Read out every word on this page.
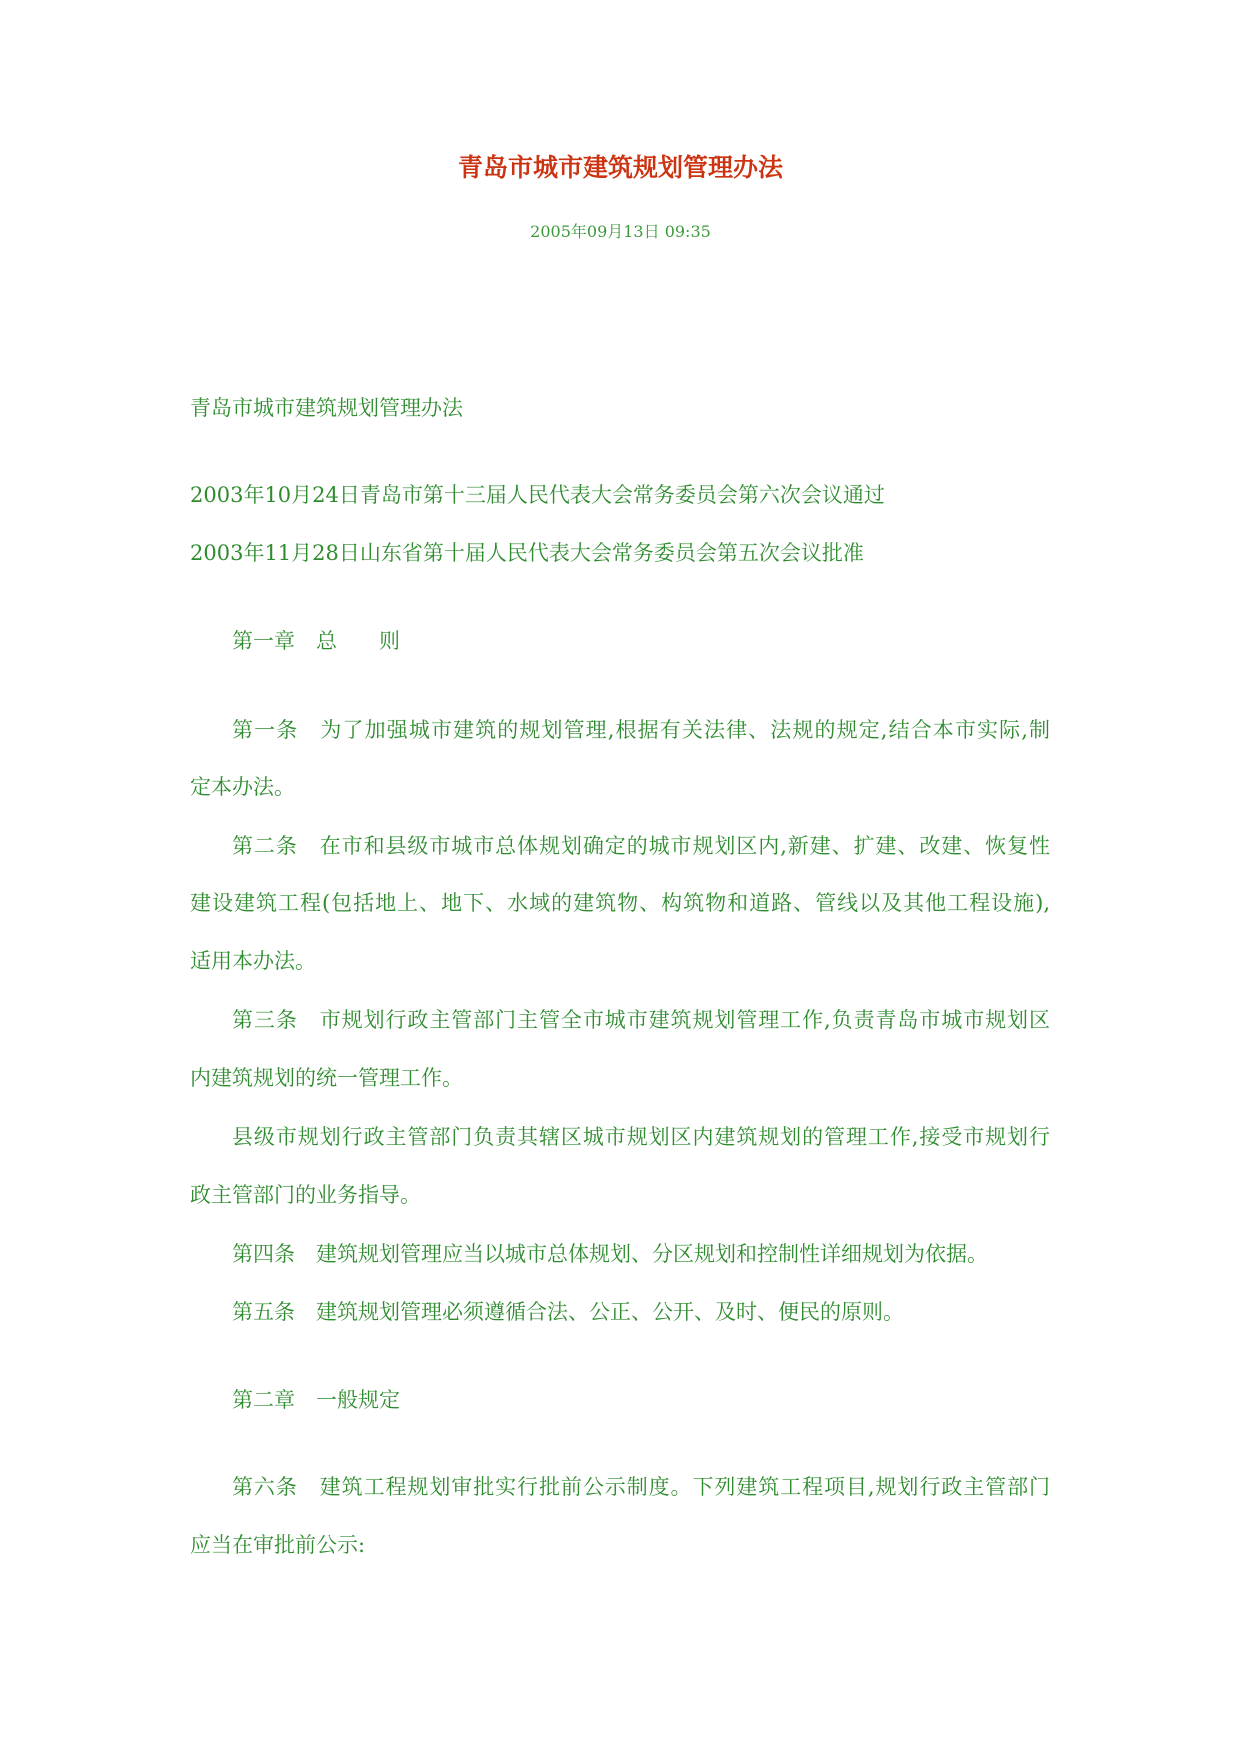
青岛市城市建筑规划管理办法
2005年09月13日 09:35
青岛市城市建筑规划管理办法
2003年10月24日青岛市第十三届人民代表大会常务委员会第六次会议通过
2003年11月28日山东省第十届人民代表大会常务委员会第五次会议批准
第一章　总　　则
第一条　为了加强城市建筑的规划管理,根据有关法律、法规的规定,结合本市实际,制
定本办法。
第二条　在市和县级市城市总体规划确定的城市规划区内,新建、扩建、改建、恢复性
建设建筑工程(包括地上、地下、水域的建筑物、构筑物和道路、管线以及其他工程设施),
适用本办法。
第三条　市规划行政主管部门主管全市城市建筑规划管理工作,负责青岛市城市规划区
内建筑规划的统一管理工作。
县级市规划行政主管部门负责其辖区城市规划区内建筑规划的管理工作,接受市规划行
政主管部门的业务指导。
第四条　建筑规划管理应当以城市总体规划、分区规划和控制性详细规划为依据。
第五条　建筑规划管理必须遵循合法、公正、公开、及时、便民的原则。
第二章　一般规定
第六条　建筑工程规划审批实行批前公示制度。下列建筑工程项目,规划行政主管部门
应当在审批前公示:
